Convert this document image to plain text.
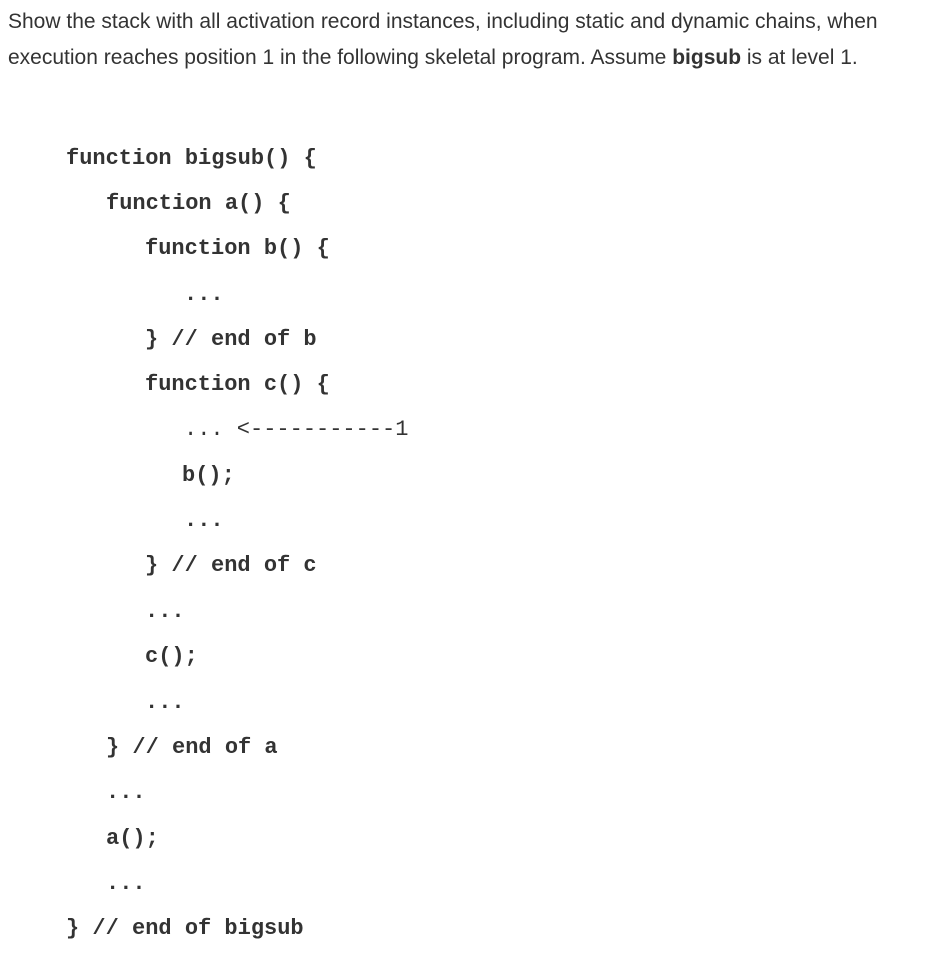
Show the stack with all activation record instances, including static and dynamic chains, when execution reaches position 1 in the following skeletal program. Assume bigsub is at level 1.
function bigsub() {
function a() {
function b() {
...
} // end of b
function c() {
... <-----------1
b();
...
} // end of c
...
c();
...
} // end of a
...
a();
...
} // end of bigsub
